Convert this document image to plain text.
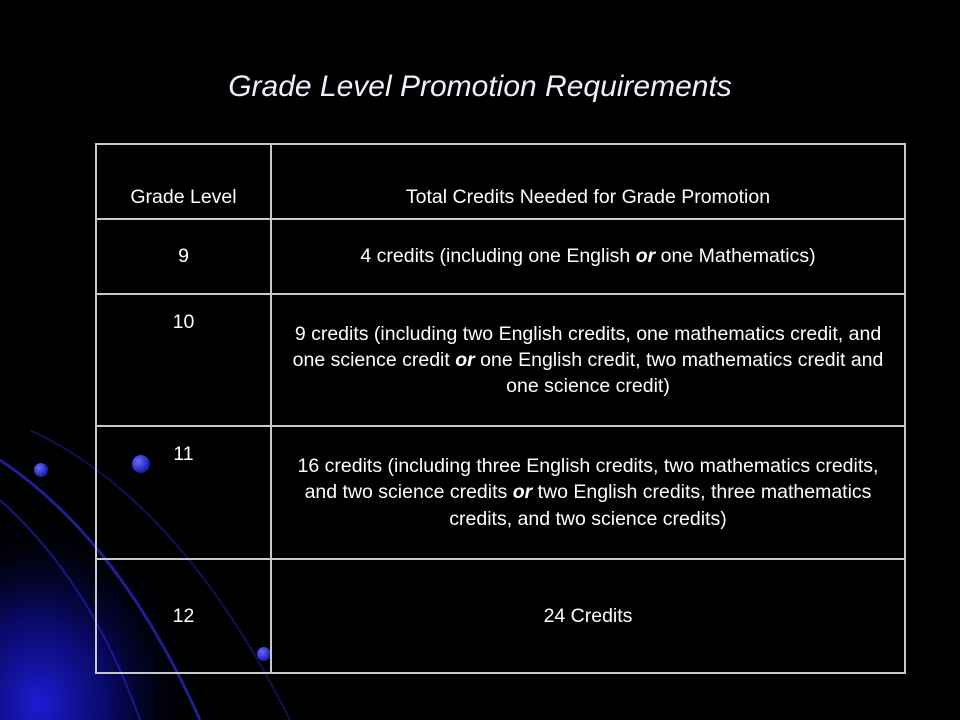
Grade Level Promotion Requirements
Grade Level	Total Credits Needed for Grade Promotion
9	4 credits (including one English or one Mathematics)
10	9 credits (including two English credits, one mathematics credit, and one science credit or one English credit, two mathematics credit and one science credit)
11	16 credits (including three English credits, two mathematics credits, and two science credits or two English credits, three mathematics credits, and two science credits)
12	24 Credits
